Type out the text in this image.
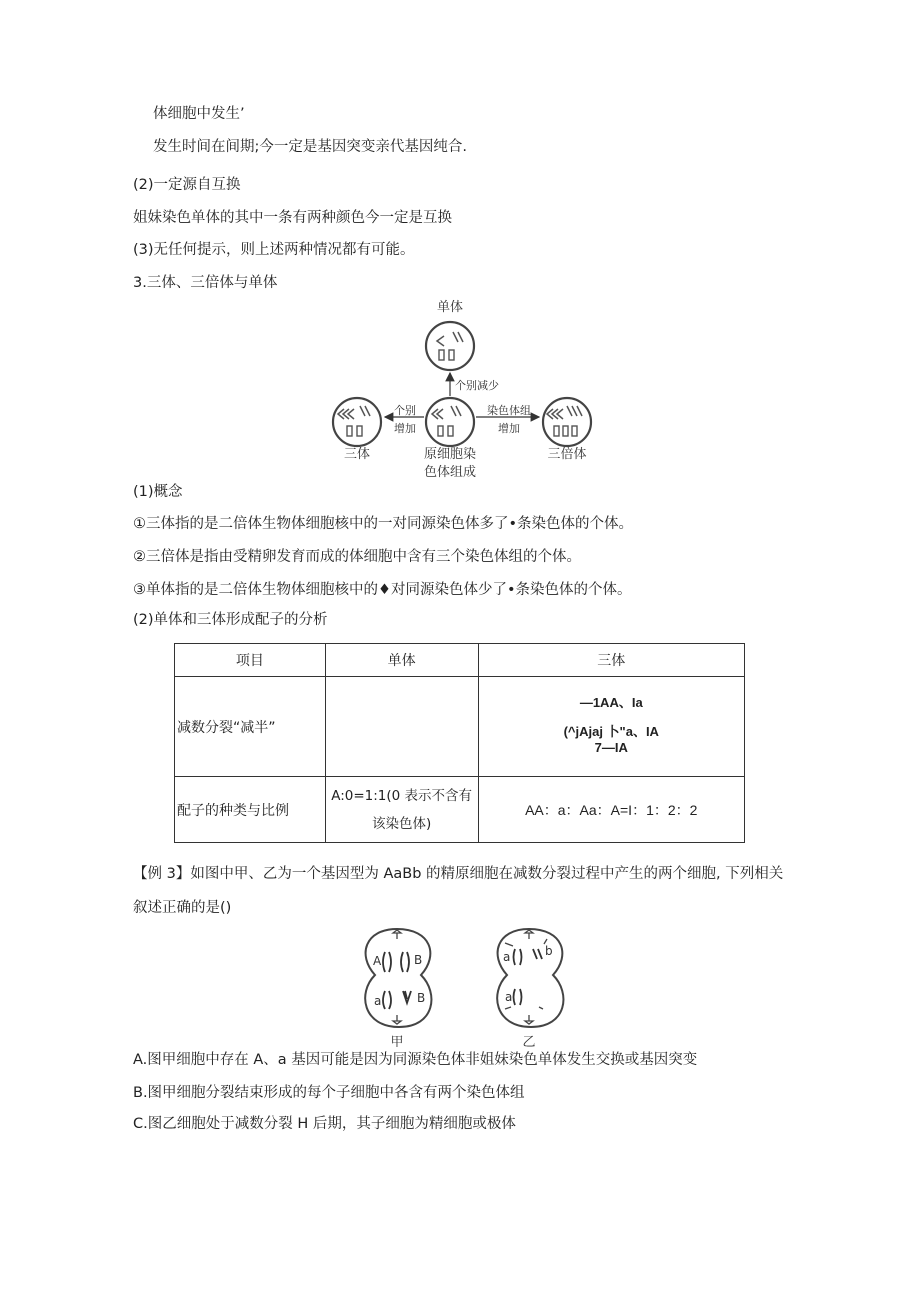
体细胞中发生’
发生时间在间期;今一定是基因突变亲代基因纯合.
(2)一定源自互换
姐妹染色单体的其中一条有两种颜色今一定是互换
(3)无任何提示，则上述两种情况都有可能。
3.三体、三倍体与单体
单体
个别减少
个别
增加
染色体组
增加
三体	原细胞染
色体组成
三倍体
(1)概念
①三体指的是二倍体生物体细胞核中的一对同源染色体多了•条染色体的个体。
②三倍体是指由受精卵发育而成的体细胞中含有三个染色体组的个体。
③单体指的是二倍体生物体细胞核中的♦对同源染色体少了•条染色体的个体。
(2)单体和三体形成配子的分析
项目	单体	三体
减数分裂“减半”		—1AA、Ia
(^jAjaj 卜"a、IA
7—IA

配子的种类与比例	A:0=1:1(0 表示不含有
该染色体)	AA：a：Aa：A=I：1：2：2
【例 3】如图中甲、乙为一个基因型为 AaBb 的精原细胞在减数分裂过程中产生的两个细胞, 下列相关
叙述正确的是()
A	B
a	B
甲
a	b
a
乙
A.图甲细胞中存在 A、a 基因可能是因为同源染色体非姐妹染色单体发生交换或基因突变
B.图甲细胞分裂结束形成的每个子细胞中各含有两个染色体组
C.图乙细胞处于减数分裂 H 后期，其子细胞为精细胞或极体
